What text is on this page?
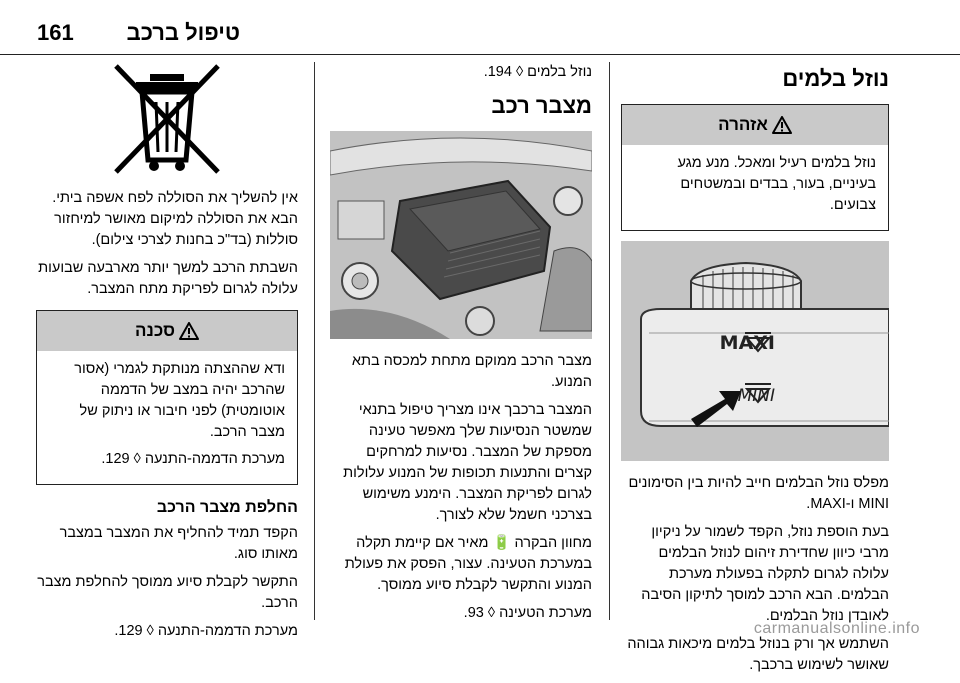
161 טיפול ברכב
נוזל בלמים
אזהרה

נוזל בלמים רעיל ומאכל. מנע מגע בעיניים, בעור, בבדים ובמשטחים צבועים.

MAXI
MINI

מפלס נוזל הבלמים חייב להיות בין הסימונים MINI ו-MAXI.

בעת הוספת נוזל, הקפד לשמור על ניקיון מרבי כיוון שחדירת זיהום לנוזל הבלמים עלולה לגרום לתקלה בפעולת מערכת הבלמים. הבא הרכב למוסך לתיקון הסיבה לאובדן נוזל הבלמים.

השתמש אך ורק בנוזל בלמים מיכאות גבוהה שאושר לשימוש ברכבך.

נוזל בלמים ◊ 194.

מצבר רכב

מצבר הרכב ממוקם מתחת למכסה בתא המנוע.

המצבר ברכבך אינו מצריך טיפול בתנאי שמשטר הנסיעות שלך מאפשר טעינה מספקת של המצבר. נסיעות למרחקים קצרים והתנעות תכופות של המנוע עלולות לגרום לפריקת המצבר. הימנע משימוש בצרכני חשמל שלא לצורך.

מחוון הבקרה 🔋 מאיר אם קיימת תקלה במערכת הטעינה. עצור, הפסק את פעולת המנוע והתקשר לקבלת סיוע ממוסך.

מערכת הטעינה ◊ 93.

אין להשליך את הסוללה לפח אשפה ביתי. הבא את הסוללה למיקום מאושר למיחזור סוללות (בד"כ בחנות לצרכי צילום).

השבתת הרכב למשך יותר מארבעה שבועות עלולה לגרום לפריקת מתח המצבר.

סכנה

ודא שההצתה מנותקת לגמרי (אסור שהרכב יהיה במצב של הדממה אוטומטית) לפני חיבור או ניתוק של מצבר הרכב.

מערכת הדממה-התנעה ◊ 129.

החלפת מצבר הרכב

הקפד תמיד להחליף את המצבר במצבר מאותו סוג.

התקשר לקבלת סיוע ממוסך להחלפת מצבר הרכב.

מערכת הדממה-התנעה ◊ 129.	carmanualsonline.info
